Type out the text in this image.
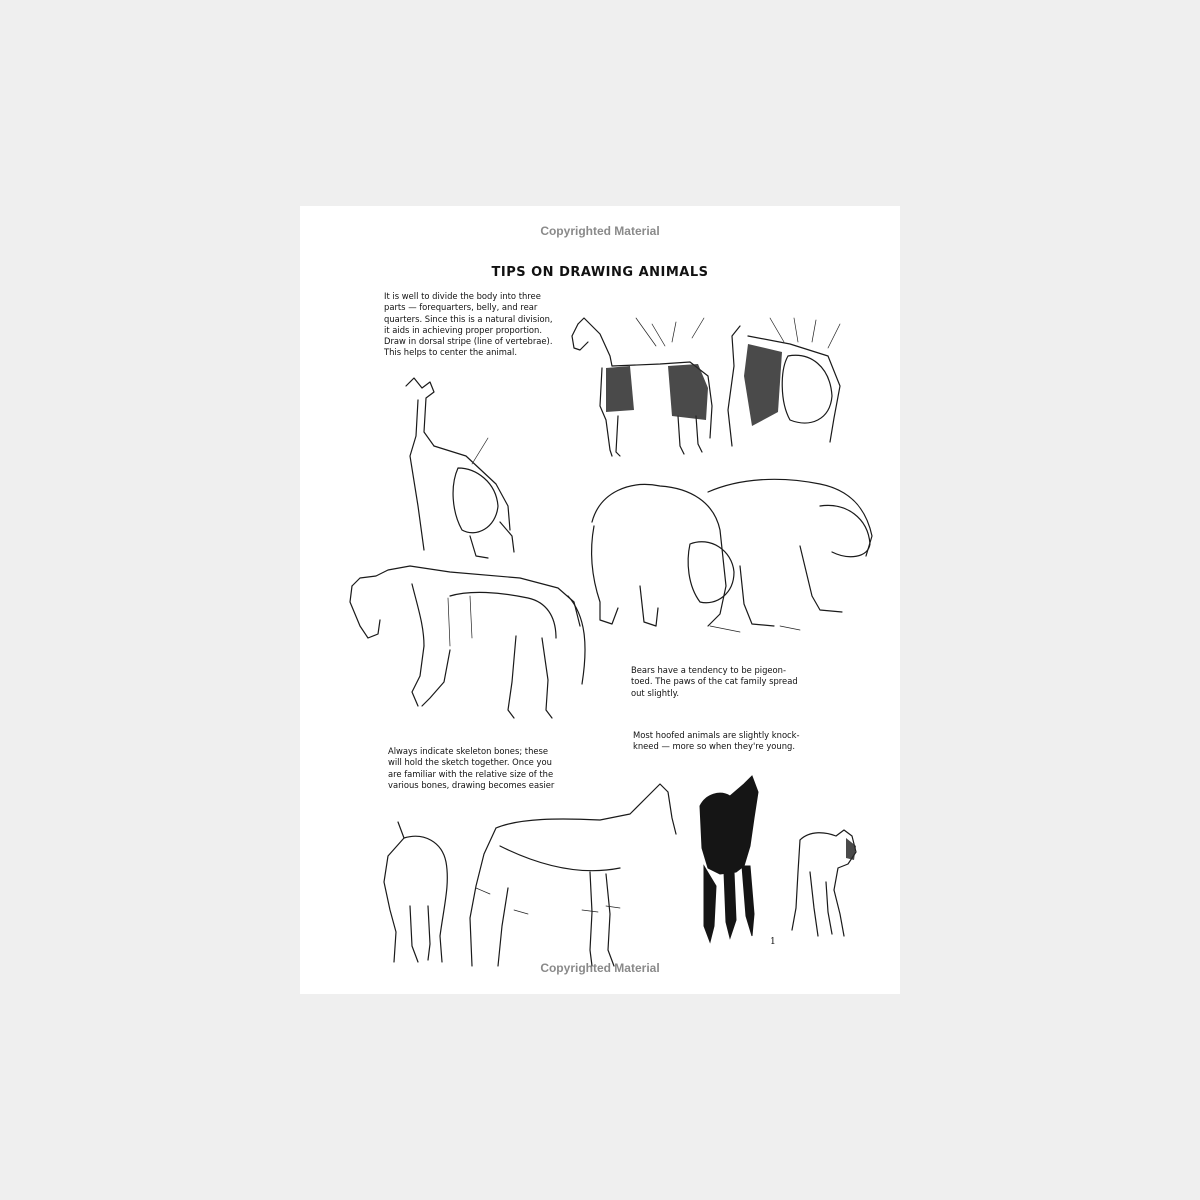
Copyrighted Material
TIPS ON DRAWING ANIMALS

It is well to divide the body into three

parts — forequarters, belly, and rear

quarters. Since this is a natural division,

it aids in achieving proper proportion.

Draw in dorsal stripe (line of vertebrae).

This helps to center the animal.

Bears have a tendency to be pigeon-

toed. The paws of the cat family spread

out slightly.

Most hoofed animals are slightly knock-

kneed — more so when they're young.

Always indicate skeleton bones; these

will hold the sketch together. Once you

are familiar with the relative size of the

various bones, drawing becomes easier

1
Copyrighted Material
